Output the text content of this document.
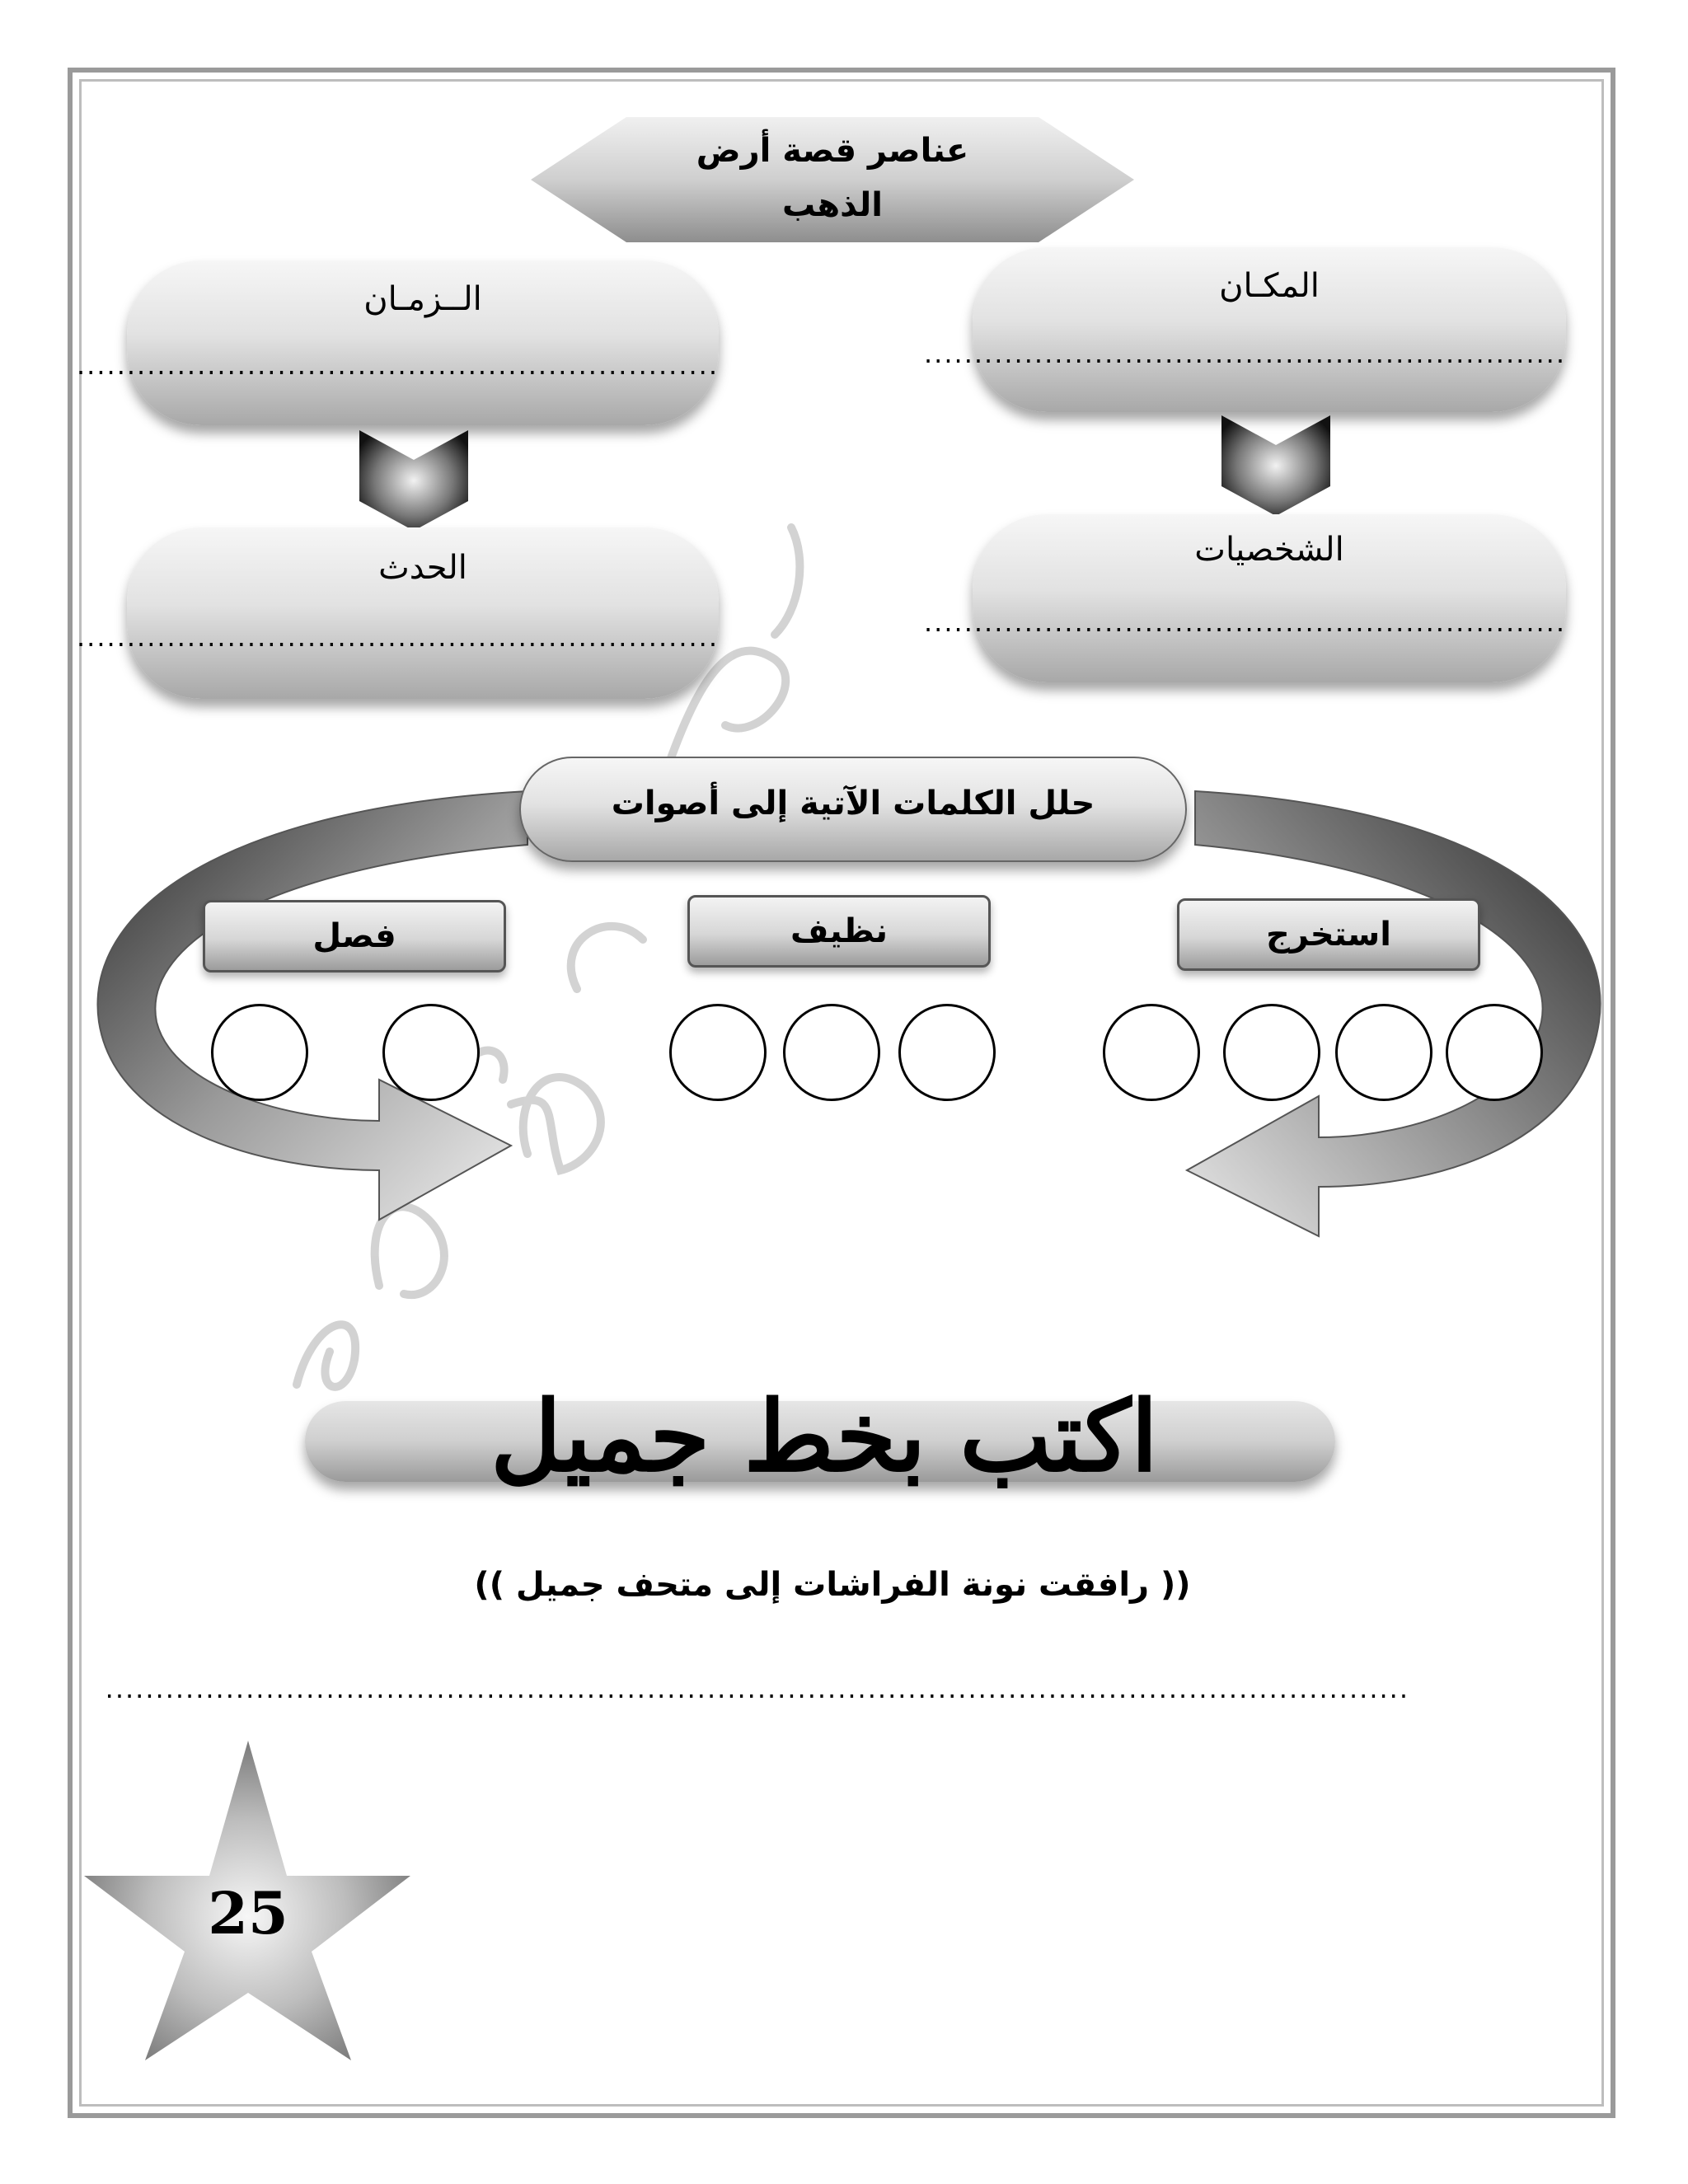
عناصر قصة أرض الذهب
المكـان
................................................................
الــزمـان
................................................................
الشخصيات
................................................................
الحدث
................................................................
حلل الكلمات الآتية إلى أصوات
استخرج
نظيف
فصل
اكتب بخط جميل
(( رافقت نونة الفراشات إلى متحف جميل ))
..................................................................................................................................
25
